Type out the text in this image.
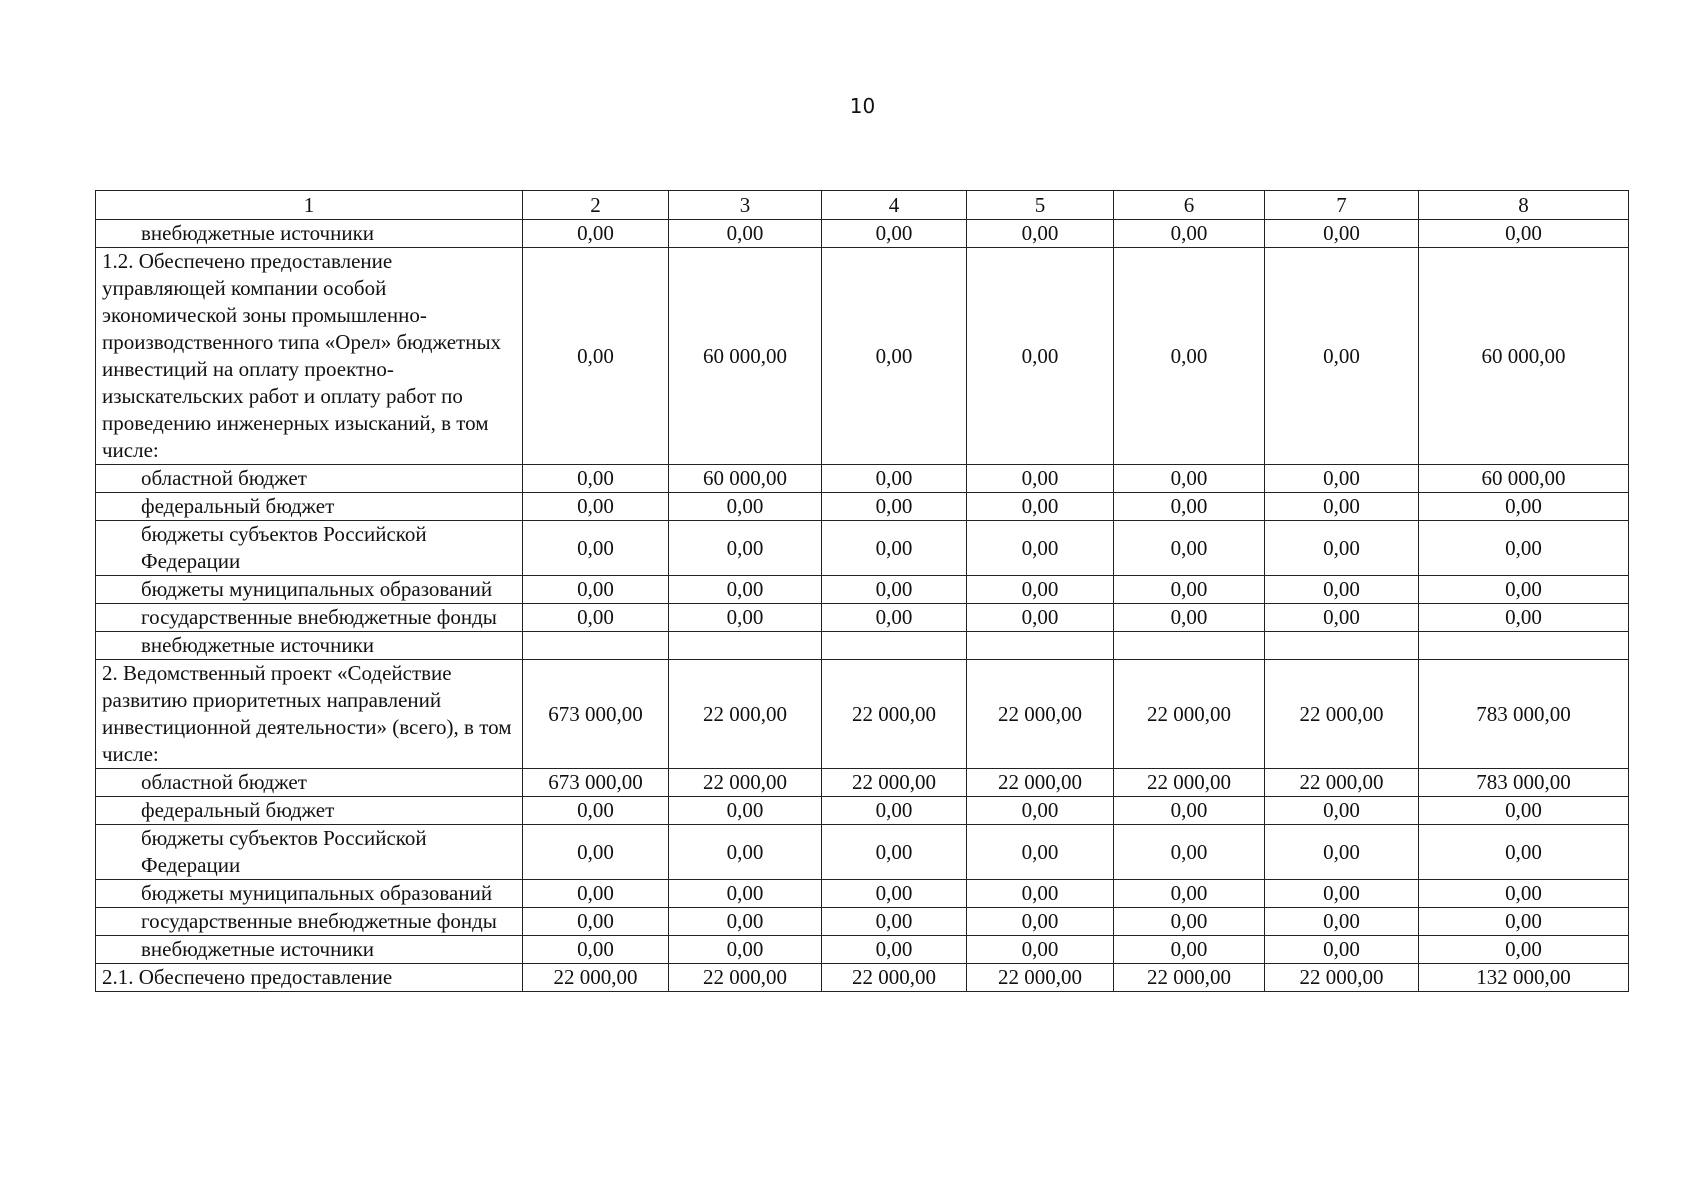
10
1	2	3	4	5	6	7	8
внебюджетные источники	0,00	0,00	0,00	0,00	0,00	0,00	0,00
1.2. Обеспечено предоставление управляющей компании особой экономической зоны промышленно-производственного типа «Орел» бюджетных инвестиций на оплату проектно-изыскательских работ и оплату работ по проведению инженерных изысканий, в том числе:	0,00	60 000,00	0,00	0,00	0,00	0,00	60 000,00
областной бюджет	0,00	60 000,00	0,00	0,00	0,00	0,00	60 000,00
федеральный бюджет	0,00	0,00	0,00	0,00	0,00	0,00	0,00
бюджеты субъектов Российской Федерации	0,00	0,00	0,00	0,00	0,00	0,00	0,00
бюджеты муниципальных образований	0,00	0,00	0,00	0,00	0,00	0,00	0,00
государственные внебюджетные фонды	0,00	0,00	0,00	0,00	0,00	0,00	0,00
внебюджетные источники							
2. Ведомственный проект «Содействие развитию приоритетных направлений инвестиционной деятельности» (всего), в том числе:	673 000,00	22 000,00	22 000,00	22 000,00	22 000,00	22 000,00	783 000,00
областной бюджет	673 000,00	22 000,00	22 000,00	22 000,00	22 000,00	22 000,00	783 000,00
федеральный бюджет	0,00	0,00	0,00	0,00	0,00	0,00	0,00
бюджеты субъектов Российской Федерации	0,00	0,00	0,00	0,00	0,00	0,00	0,00
бюджеты муниципальных образований	0,00	0,00	0,00	0,00	0,00	0,00	0,00
государственные внебюджетные фонды	0,00	0,00	0,00	0,00	0,00	0,00	0,00
внебюджетные источники	0,00	0,00	0,00	0,00	0,00	0,00	0,00
2.1. Обеспечено предоставление	22 000,00	22 000,00	22 000,00	22 000,00	22 000,00	22 000,00	132 000,00
